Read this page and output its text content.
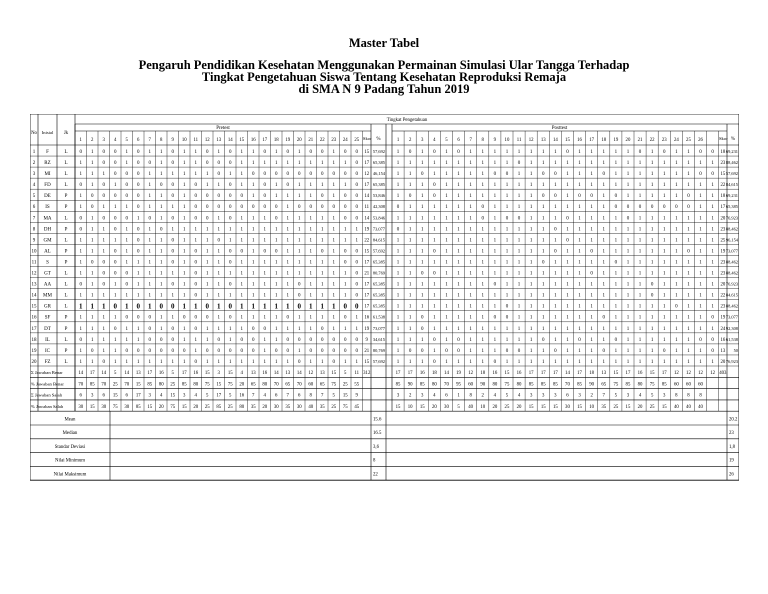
Master Tabel
Pengaruh Pendidikan Kesehatan Menggunakan Permainan Simulasi Ular Tangga Terhadap
Tingkat Pengetahuan Siswa Tentang Kesehatan Reproduksi Remaja
di SMA N 9 Padang Tahun 2019
Tingkat Pengetahuan
Pretest	Posttest
No Inisial Jk
Skor %	Skor %
1 2 3 4 5 6 7 8 9 10 11 12 13 14 15 16 17 18 19 20 21 22 23 24 25	1 2 3 4 5 6 7 8 9 10 11 12 13 14 15 16 17 18 19 20 21 22 23 24 25 26
1 F	L 0 1 0 0 1 0 1 1 0 1 1 0 1 0 1 1 0 1 0 1 0 0 1 0 0 15 57,692 1 0 1 0 1 0 1 1 1 1 1 1 1 1 0 1 1 1 1 1 0 1 0 1 1 0 0 18 69,231
2 RZ	L 1 1 0 0 1 0 0 1 0 1 1 0 0 0 1 1 1 1 1 1 1 1 1 1 0 17 65,385 1 1 1 1 1 1 1 1 1 1 0 1 1 1 1 1 1 1 1 1 1 1 1 1 1 1 1 23 88,462
3 MI	L 1 1 1 0 0 0 1 1 1 1 1 1 0 1 1 0 0 0 0 0 0 0 0 0 0 12 46,154 1 1 0 1 1 1 1 1 0 0 1 1 0 0 1 1 1 0 1 1 1 1 1 1 1 0 0 15 57,692
4 FD	L 0 1 0 1 0 0 1 0 0 1 0 1 1 0 1 1 0 1 0 1 1 1 1 1 0 17 65,385 1 1 1 0 1 1 1 1 1 1 1 1 1 1 1 1 1 1 1 1 1 1 1 1 1 1 1 22 84,615
5 DE	P 1 0 0 0 0 0 1 1 0 1 0 0 0 0 0 1 0 1 1 1 1 0 1 0 0 14 53,846 1 0 1 0 1 1 1 1 1 1 1 1 0 0 1 0 0 1 0 1 1 1 1 1 0 1 1 18 69,231
6 IS	P 1 0 1 1 1 0 1 1 1 1 0 0 0 0 0 0 0 0 1 0 0 0 0 0 0 11 42,308 0 1 1 1 1 1 1 0 1 1 1 1 1 1 1 1 1 1 0 0 0 0 0 0 0 1 1 17 65,385
7 MA	L 0 1 0 0 0 1 0 1 0 1 0 0 1 0 1 1 1 0 1 1 1 1 1 0 0 14 53,846 1 1 1 1 1 1 1 0 1 0 0 1 1 1 0 1 1 1 1 0 1 1 1 1 1 1 1 20 76,923
8 DH	P 0 1 1 0 1 0 1 0 1 1 1 1 1 1 1 1 1 1 1 1 1 1 1 1 1 19 73,077 0 1 1 1 1 1 1 1 1 1 1 1 1 0 1 1 1 1 1 1 1 1 1 1 1 1 1 23 88,462
9 GM	L 1 1 1 1 1 0 1 1 0 1 1 1 0 1 1 1 1 1 1 1 1 1 1 1 1 22 84,615 1 1 1 1 1 1 1 1 1 1 1 1 1 1 0 1 1 1 1 1 1 1 1 1 1 1 1 25 96,154
10 AL	P 1 1 1 0 1 0 1 1 0 1 0 1 1 0 0 1 0 0 1 1 1 0 1 0 0 15 57,692 1 1 1 0 1 1 1 1 1 1 1 1 1 0 1 1 0 1 1 1 1 1 1 1 0 1 1 19 73,077
11 S	P 1 0 0 0 1 1 1 1 0 1 0 1 1 0 1 1 1 1 1 1 1 1 1 0 0 17 65,385 1 1 1 1 1 1 1 1 1 1 1 1 0 1 1 1 1 1 0 1 1 1 1 1 1 1 1 23 88,462
12 GT	L 1 1 0 0 0 1 1 1 1 1 0 1 1 1 1 1 1 1 1 1 1 1 1 1 0 21 80,769 1 1 0 0 1 1 1 1 1 1 1 1 1 1 1 1 0 1 1 1 1 1 1 1 1 1 1 23 88,462
13 AA	L 0 1 0 1 0 1 1 1 0 1 0 1 1 0 1 1 1 1 1 0 1 1 1 1 0 17 65,385 1 1 1 1 1 1 1 1 0 1 1 1 1 1 1 1 1 1 1 1 1 0 1 1 1 1 1 20 76,923
14 MM	L 1 1 1 1 1 1 1 1 1 1 0 1 1 1 1 1 1 1 1 0 1 1 1 1 0 17 65,385 1 1 1 1 1 1 1 1 1 1 1 1 1 1 1 1 1 1 1 1 1 0 1 1 1 1 1 22 84,615
15 GR	L 1 1 1 0 1 0 1 0 0 1 1 0 1 0 1 1 1 1 1 0 1 1 1 0 0 17 65,385 1 1 1 1 1 1 1 1 1 0 1 1 1 1 1 1 1 1 1 1 1 1 1 0 1 1 1 23 88,462
16 SF	P 1 1 1 1 0 0 0 1 1 0 0 0 1 0 1 1 1 1 0 1 1 1 1 0 1 16 61,538 1 1 0 1 1 1 1 1 0 0 1 1 1 1 1 1 1 0 1 1 1 1 1 1 1 1 0 19 73,077
17 DT	P 1 1 1 0 1 1 0 1 0 1 0 1 1 1 1 0 0 1 1 1 1 0 1 1 1 19 73,077 1 1 0 1 1 1 1 1 1 1 1 1 1 1 1 1 1 1 1 1 1 1 1 1 1 1 1 24 92,308
18 IL	L 0 1 1 1 1 1 0 0 0 1 1 1 0 1 0 0 1 1 0 0 0 0 0 0 0 9 34,615 1 1 1 0 1 0 1 1 1 1 1 1 0 1 1 0 1 1 0 1 1 1 1 1 1 0 0 16 61,538
19 IC	P 1 0 1 1 0 0 0 0 0 0 1 0 0 0 0 0 1 0 0 1 0 0 0 0 0 21 80,769 1 0 0 1 0 0 1 1 1 0 0 1 1 0 1 1 1 0 1 1 1 1 0 1 1 1 0 13 50
20 FZ	L 1 1 0 1 1 1 1 1 1 1 0 1 1 1 1 1 1 1 1 0 1 1 0 1 1 15 57,692 1 1 1 0 1 1 1 1 0 1 1 1 1 1 1 1 1 1 1 1 1 1 1 1 1 1 1 20 76,923
Σ Jawaban Benar	14 17 14 5 14 13 17 16 5 17 16 15 3 15 4 13 16 14 13 14 12 13 15 5 11 312	17 17 16 18 14 19 12 18 16 15 16 17 17 17 14 17 18 13 15 17 16 15 17 12 12 12 12 403
% Jawaban Benar	70 85 70 25 70 15 85 80 25 85 80 75 15 75 20 65 80 70 65 70 60 65 75 25 55	85 90 85 80 70 95 60 90 80 75 80 85 85 85 70 85 90 65 75 85 80 75 85 60 60 60
Σ Jawaban Salah	6 3 6 15 6 17 3 4 15 3 4 5 17 5 16 7 4 6 7 6 8 7 5 15 9	3 2 3 4 6 1 8 2 4 5 4 3 3 3 6 3 2 7 5 3 4 5 3 8 8 8
% Jawaban Salah	30 15 30 75 30 85 15 20 75 15 20 25 85 25 80 35 20 30 35 30 40 35 25 75 45	15 10 15 20 30 5 40 10 20 25 20 15 15 15 30 15 10 35 25 15 20 25 15 40 40 40
Mean	15.6	20.2
Median	16.5	23
Standar Deviasi	3,6	1,8
Nilai Minimum	8	19
Nilai Maksimum	22	26
